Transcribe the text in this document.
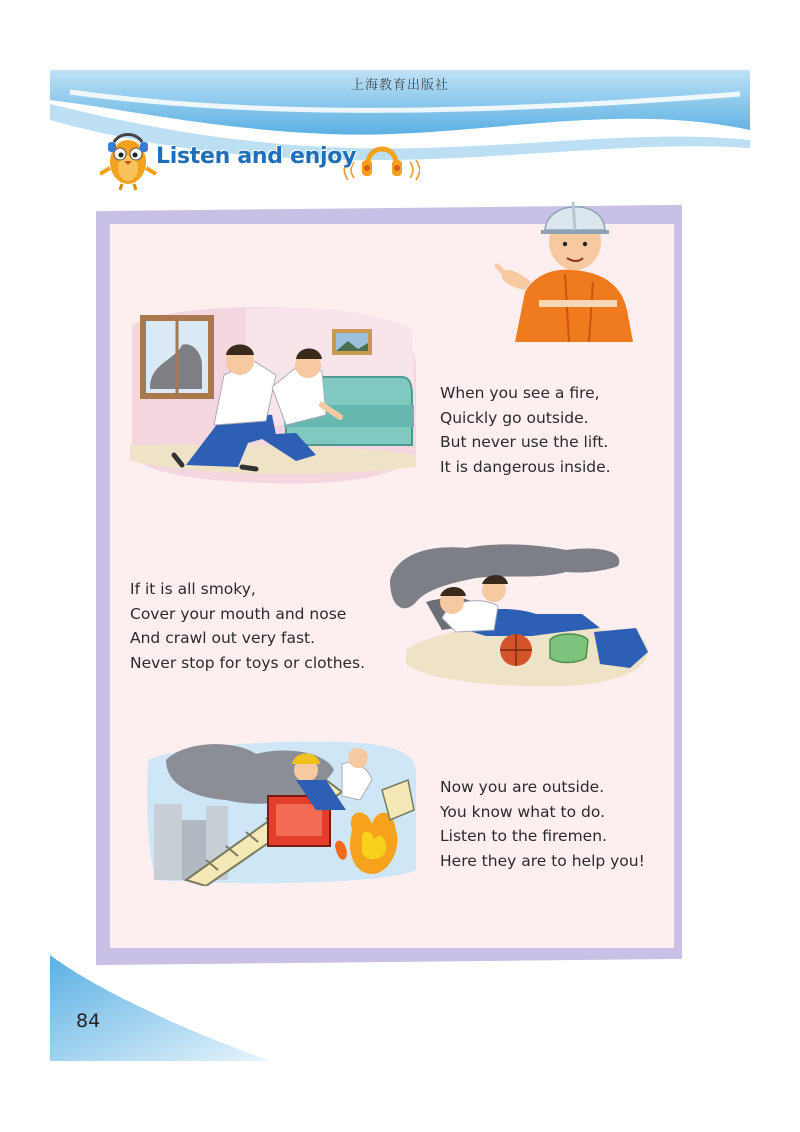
上海教育出版社
Listen and enjoy
When you see a fire,
Quickly go outside.
But never use the lift.
It is dangerous inside.
If it is all smoky,
Cover your mouth and nose
And crawl out very fast.
Never stop for toys or clothes.
Now you are outside.
You know what to do.
Listen to the firemen.
Here they are to help you!
84
